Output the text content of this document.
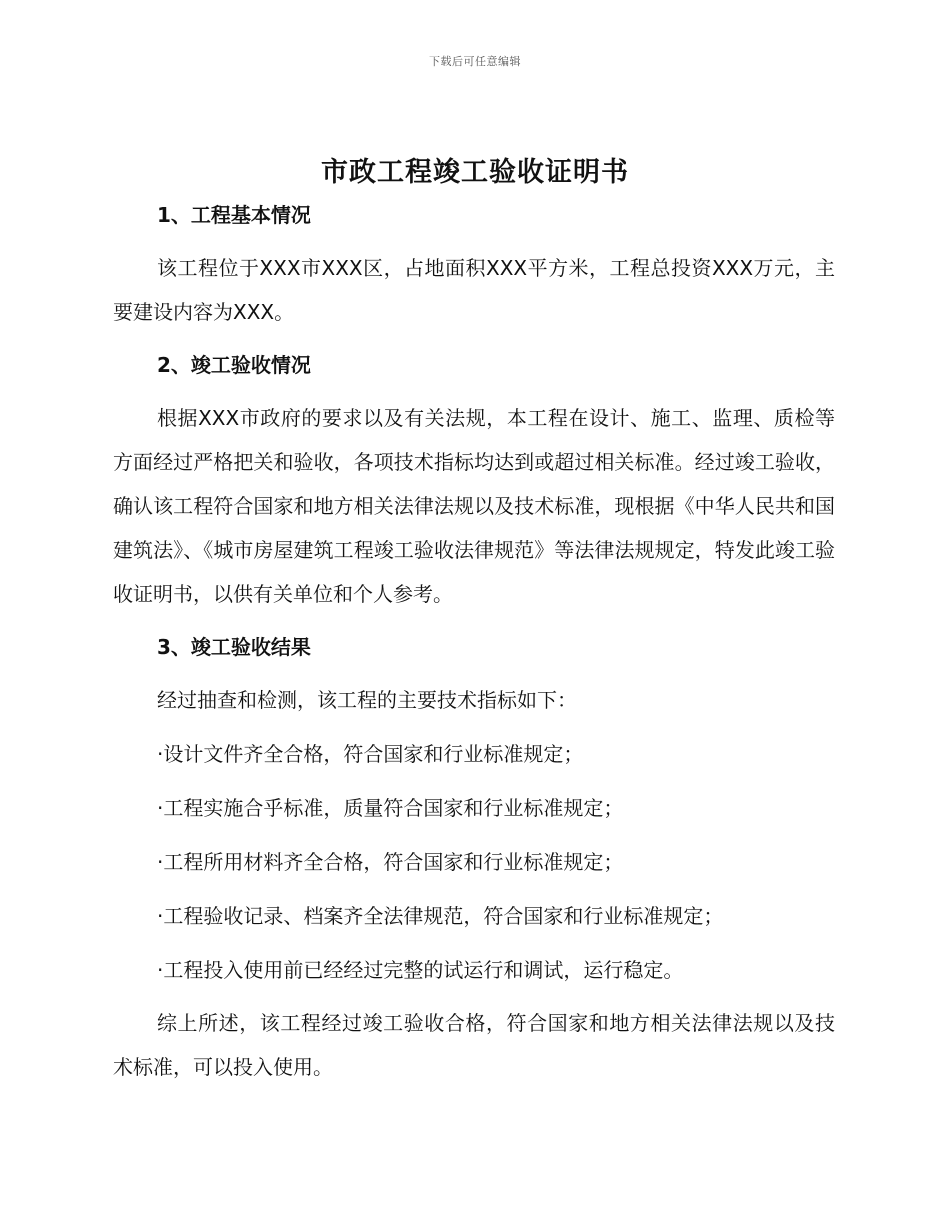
下载后可任意编辑
市政工程竣工验收证明书
1、工程基本情况

该工程位于XXX市XXX区，占地面积XXX平方米，工程总投资XXX万元，主要建设内容为XXX。

2、竣工验收情况

根据XXX市政府的要求以及有关法规，本工程在设计、施工、监理、质检等方面经过严格把关和验收，各项技术指标均达到或超过相关标准。经过竣工验收，确认该工程符合国家和地方相关法律法规以及技术标准，现根据《中华人民共和国建筑法》、《城市房屋建筑工程竣工验收法律规范》等法律法规规定，特发此竣工验收证明书，以供有关单位和个人参考。

3、竣工验收结果

经过抽查和检测，该工程的主要技术指标如下：

·设计文件齐全合格，符合国家和行业标准规定；
·工程实施合乎标准，质量符合国家和行业标准规定；
·工程所用材料齐全合格，符合国家和行业标准规定；
·工程验收记录、档案齐全法律规范，符合国家和行业标准规定；
·工程投入使用前已经经过完整的试运行和调试，运行稳定。

综上所述，该工程经过竣工验收合格，符合国家和地方相关法律法规以及技术标准，可以投入使用。
